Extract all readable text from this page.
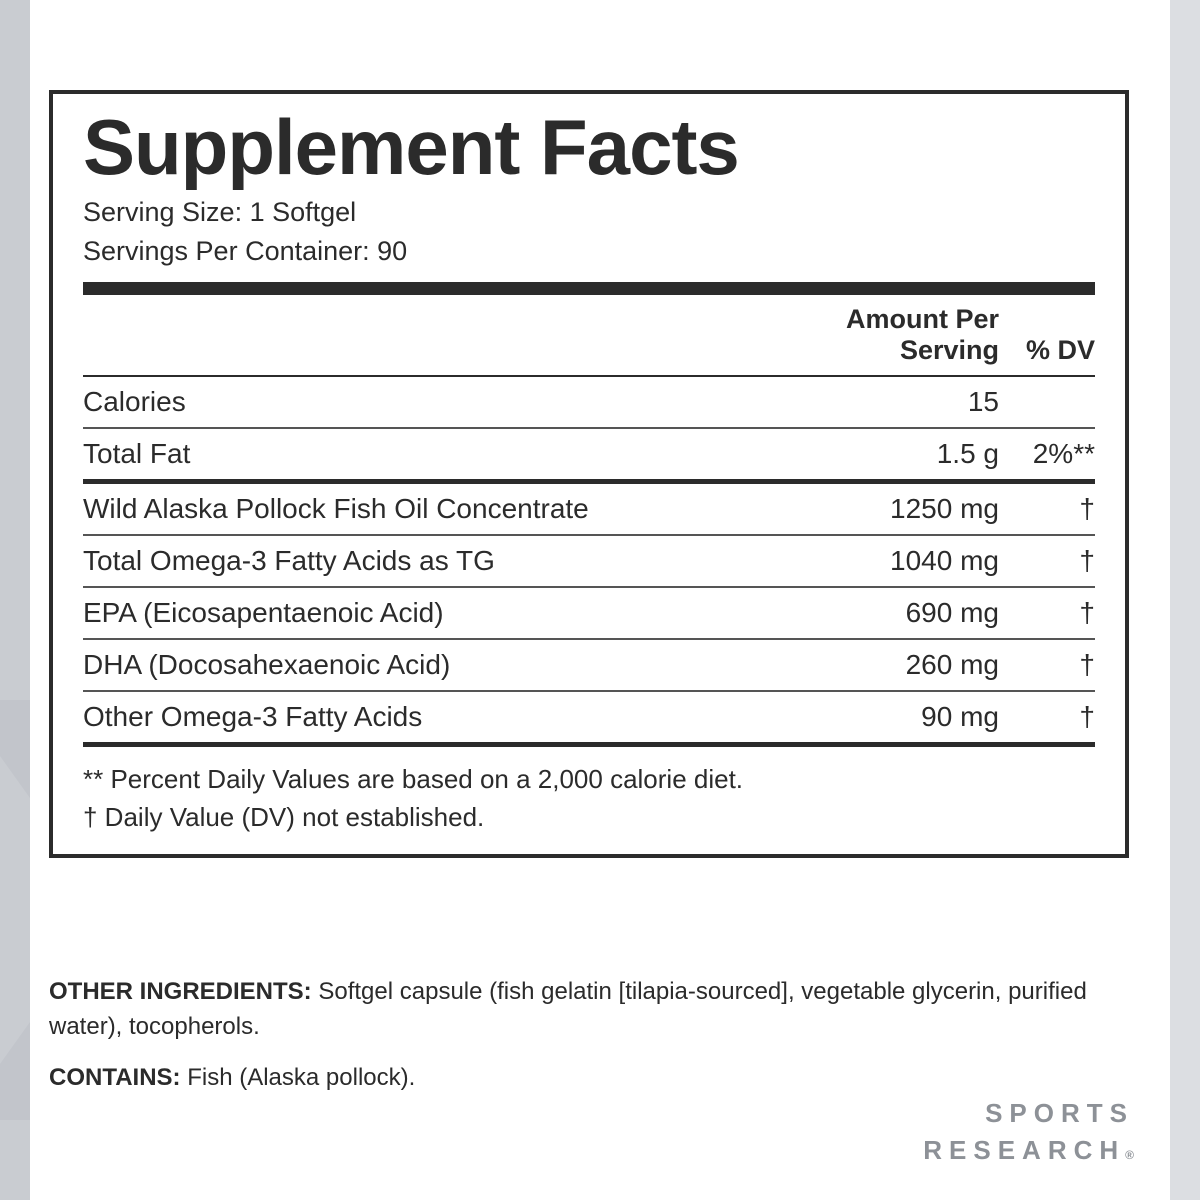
Supplement Facts
Serving Size: 1 Softgel
Servings Per Container: 90
	Amount Per Serving	% DV
Calories	15	
Total Fat	1.5 g	2%**
Wild Alaska Pollock Fish Oil Concentrate	1250 mg	†
Total Omega-3 Fatty Acids as TG	1040 mg	†
EPA (Eicosapentaenoic Acid)	690 mg	†
DHA (Docosahexaenoic Acid)	260 mg	†
Other Omega-3 Fatty Acids	90 mg	†
** Percent Daily Values are based on a 2,000 calorie diet.
† Daily Value (DV) not established.

OTHER INGREDIENTS: Softgel capsule (fish gelatin [tilapia-sourced], vegetable glycerin, purified water), tocopherols.

CONTAINS: Fish (Alaska pollock).

SPORTS
RESEARCH®
